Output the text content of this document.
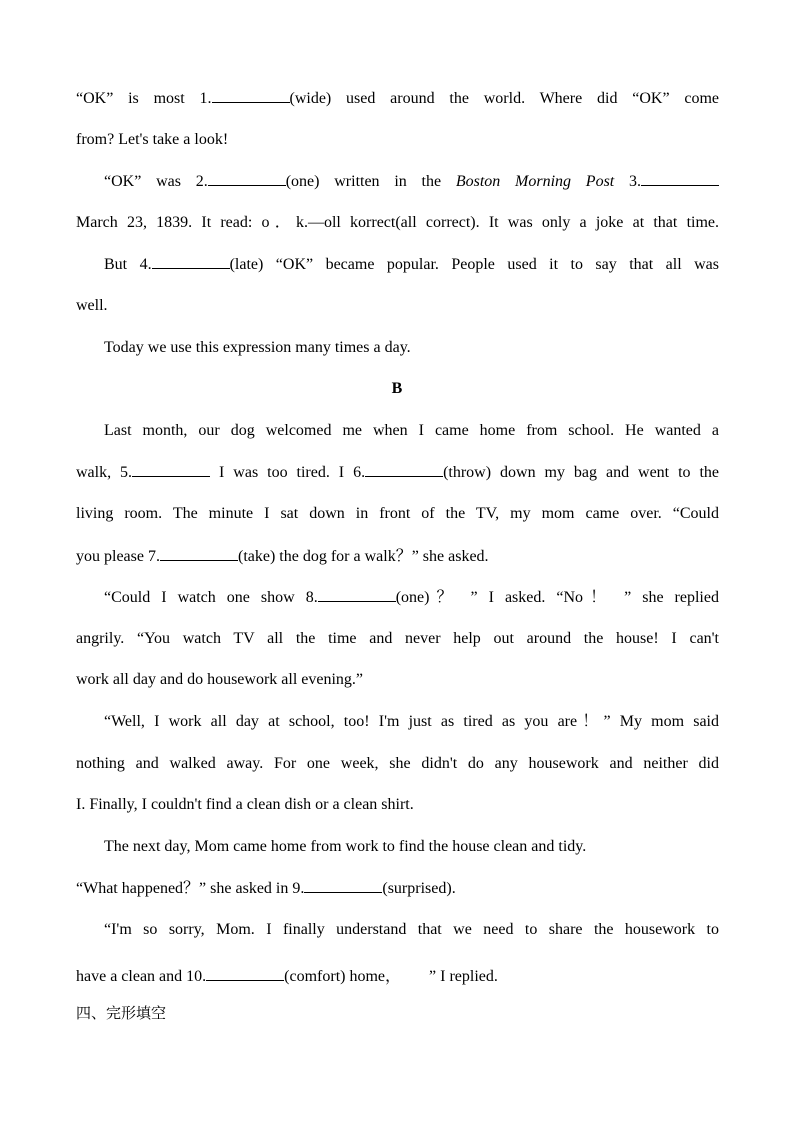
“OK” is most 1.	(wide) used around the world. Where did “OK” come
from? Let's take a look!
“OK” was 2.	(one) written in the Boston Morning Post 3.
March 23, 1839. It read: o．k.—oll korrect(all correct). It was only a joke at that time.
But 4.	(late) “OK” became popular. People used it to say that all was
well.
Today we use this expression many times a day.
B
Last month, our dog welcomed me when I came home from school. He wanted a
walk, 5.	I was too tired. I 6.	(throw) down my bag and went to the
living room. The minute I sat down in front of the TV, my mom came over. “Could
you please 7.	(take) the dog for a walk？” she asked.
“Could I watch one show 8.	(one)？ ” I asked. “No！ ” she replied
angrily. “You watch TV all the time and never help out around the house! I can't
work all day and do housework all evening.”
“Well, I work all day at school, too! I'm just as tired as you are！” My mom said
nothing and walked away. For one week, she didn't do any housework and neither did
I. Finally, I couldn't find a clean dish or a clean shirt.
The next day, Mom came home from work to find the house clean and tidy.
“What happened？” she asked in 9.	(surprised).
“I'm so sorry, Mom. I finally understand that we need to share the housework to
have a clean and 10.	(comfort) home，       ” I replied.
四、完形填空
